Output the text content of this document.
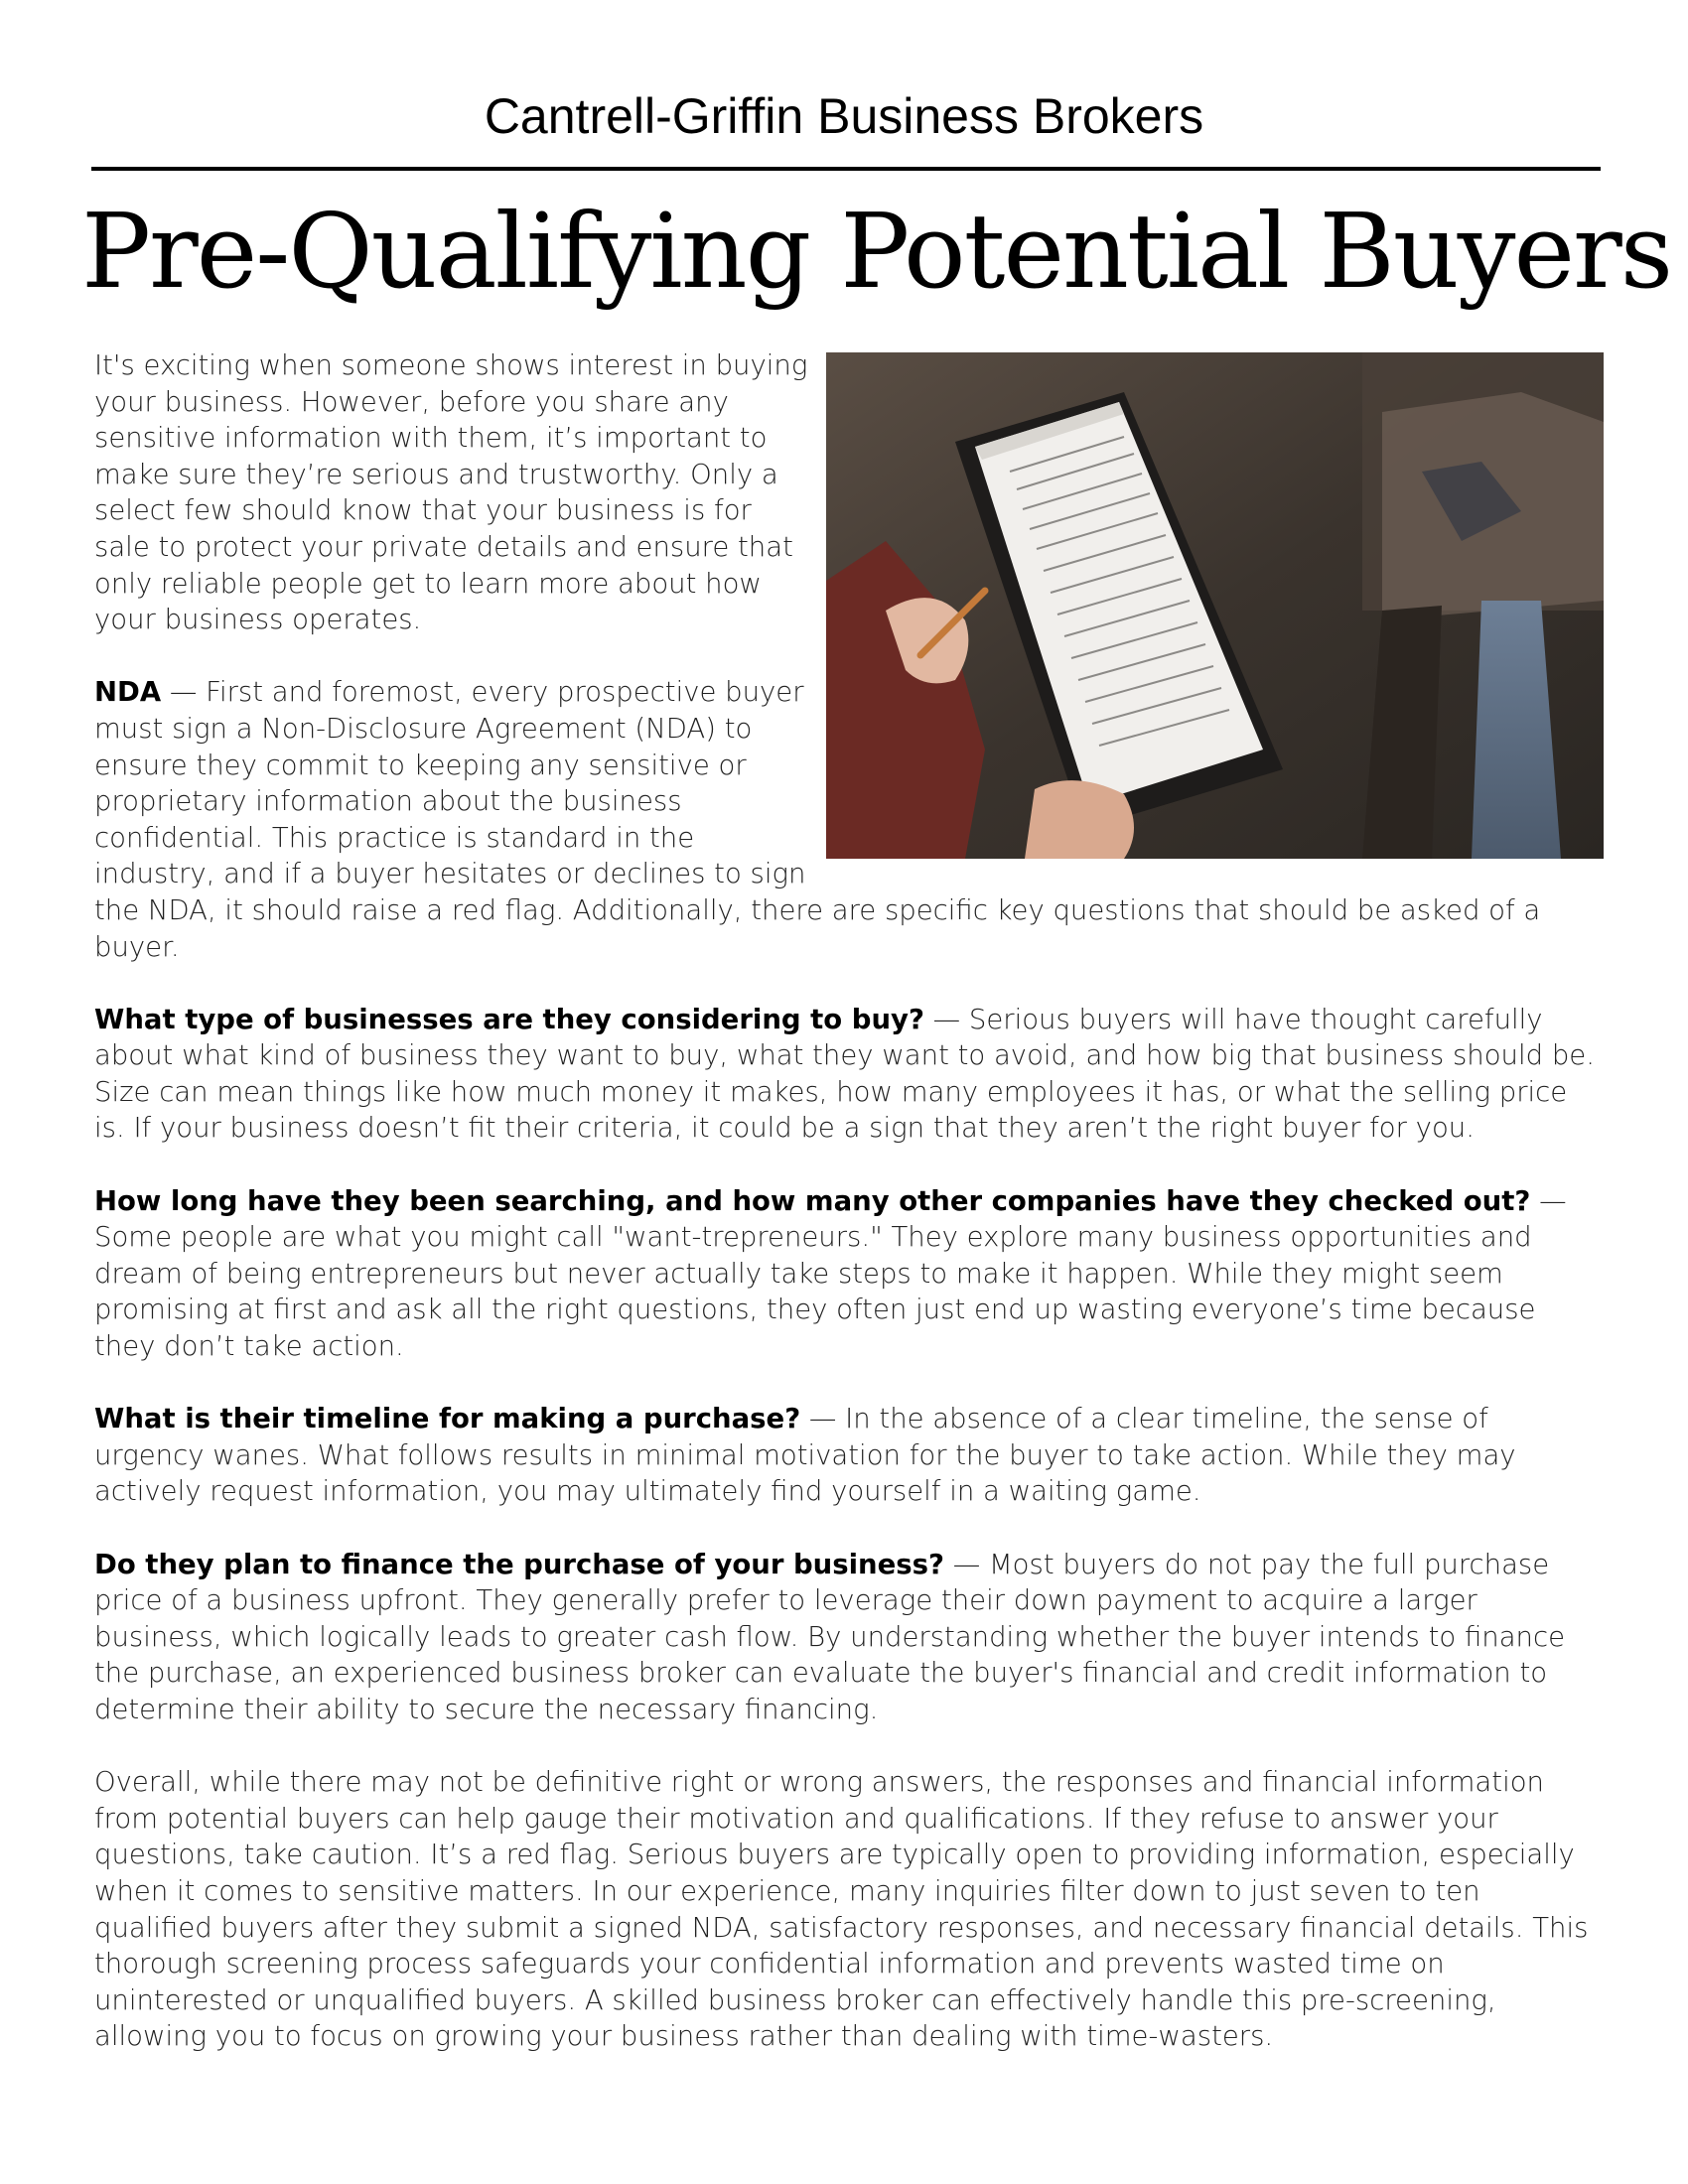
Cantrell-Griffin Business Brokers
Pre-Qualifying Potential Buyers

It's exciting when someone shows interest in buying your business. However, before you share any sensitive information with them, it’s important to make sure they’re serious and trustworthy. Only a select few should know that your business is for sale to protect your private details and ensure that only reliable people get to learn more about how your business operates.

NDA — First and foremost, every prospective buyer must sign a Non-Disclosure Agreement (NDA) to ensure they commit to keeping any sensitive or proprietary information about the business confidential. This practice is standard in the industry, and if a buyer hesitates or declines to sign the NDA, it should raise a red flag. Additionally, there are specific key questions that should be asked of a buyer.

What type of businesses are they considering to buy? — Serious buyers will have thought carefully about what kind of business they want to buy, what they want to avoid, and how big that business should be. Size can mean things like how much money it makes, how many employees it has, or what the selling price is. If your business doesn’t fit their criteria, it could be a sign that they aren’t the right buyer for you.

How long have they been searching, and how many other companies have they checked out? — Some people are what you might call "want-trepreneurs." They explore many business opportunities and dream of being entrepreneurs but never actually take steps to make it happen. While they might seem promising at first and ask all the right questions, they often just end up wasting everyone’s time because they don’t take action.

What is their timeline for making a purchase? — In the absence of a clear timeline, the sense of urgency wanes. What follows results in minimal motivation for the buyer to take action. While they may actively request information, you may ultimately find yourself in a waiting game.

Do they plan to finance the purchase of your business? — Most buyers do not pay the full purchase price of a business upfront. They generally prefer to leverage their down payment to acquire a larger business, which logically leads to greater cash flow. By understanding whether the buyer intends to finance the purchase, an experienced business broker can evaluate the buyer's financial and credit information to determine their ability to secure the necessary financing.

Overall, while there may not be definitive right or wrong answers, the responses and financial information from potential buyers can help gauge their motivation and qualifications. If they refuse to answer your questions, take caution. It’s a red flag. Serious buyers are typically open to providing information, especially when it comes to sensitive matters. In our experience, many inquiries filter down to just seven to ten qualified buyers after they submit a signed NDA, satisfactory responses, and necessary financial details. This thorough screening process safeguards your confidential information and prevents wasted time on uninterested or unqualified buyers. A skilled business broker can effectively handle this pre-screening, allowing you to focus on growing your business rather than dealing with time-wasters.
